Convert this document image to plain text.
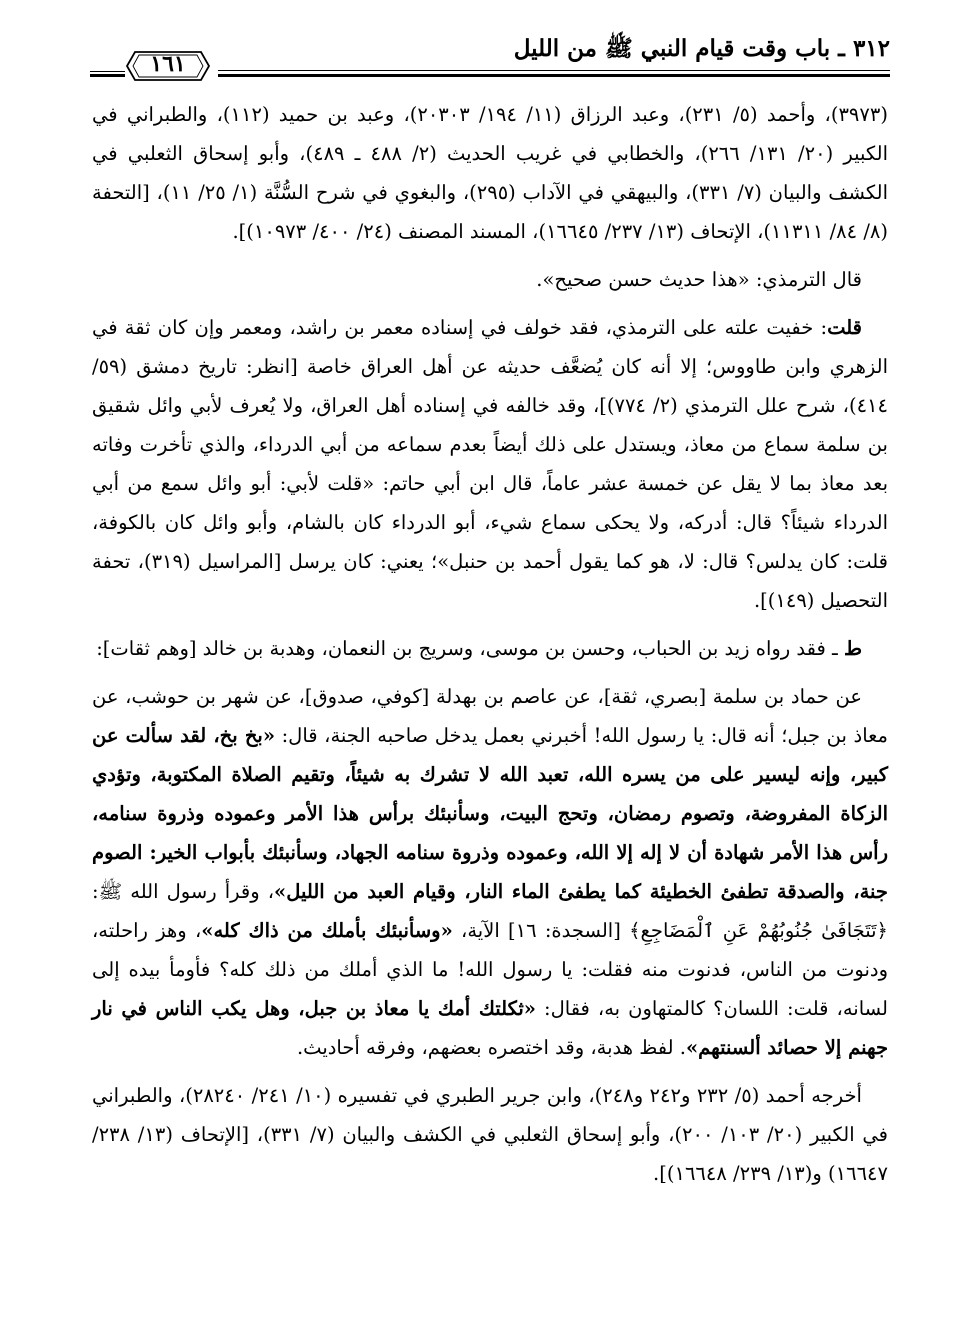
٣١٢ ـ باب وقت قيام النبي ﷺ من الليل
١٦١

(٣٩٧٣)، وأحمد (٥/ ٢٣١)، وعبد الرزاق (١١/ ١٩٤/ ٢٠٣٠٣)، وعبد بن حميد (١١٢)، والطبراني في الكبير (٢٠/ ١٣١/ ٢٦٦)، والخطابي في غريب الحديث (٢/ ٤٨٨ ـ ٤٨٩)، وأبو إسحاق الثعلبي في الكشف والبيان (٧/ ٣٣١)، والبيهقي في الآداب (٢٩٥)، والبغوي في شرح السُّنَّة (١/ ٢٥/ ١١)، [التحفة (٨/ ٨٤/ ١١٣١١)، الإتحاف (١٣/ ٢٣٧/ ١٦٦٤٥)، المسند المصنف (٢٤/ ٤٠٠/ ١٠٩٧٣)].

قال الترمذي: «هذا حديث حسن صحيح».

قلت: خفيت علته على الترمذي، فقد خولف في إسناده معمر بن راشد، ومعمر وإن كان ثقة في الزهري وابن طاووس؛ إلا أنه كان يُضعَّف حديثه عن أهل العراق خاصة [انظر: تاريخ دمشق (٥٩/ ٤١٤)، شرح علل الترمذي (٢/ ٧٧٤)]، وقد خالفه في إسناده أهل العراق، ولا يُعرف لأبي وائل شقيق بن سلمة سماع من معاذ، ويستدل على ذلك أيضاً بعدم سماعه من أبي الدرداء، والذي تأخرت وفاته بعد معاذ بما لا يقل عن خمسة عشر عاماً، قال ابن أبي حاتم: «قلت لأبي: أبو وائل سمع من أبي الدرداء شيئاً؟ قال: أدركه، ولا يحكى سماع شيء، أبو الدرداء كان بالشام، وأبو وائل كان بالكوفة، قلت: كان يدلس؟ قال: لا، هو كما يقول أحمد بن حنبل»؛ يعني: كان يرسل [المراسيل (٣١٩)، تحفة التحصيل (١٤٩)].

ط ـ فقد رواه زيد بن الحباب، وحسن بن موسى، وسريج بن النعمان، وهدبة بن خالد [وهم ثقات]:

عن حماد بن سلمة [بصري، ثقة]، عن عاصم بن بهدلة [كوفي، صدوق]، عن شهر بن حوشب، عن معاذ بن جبل؛ أنه قال: يا رسول الله! أخبرني بعمل يدخل صاحبه الجنة، قال: «بخ بخ، لقد سألت عن كبير، وإنه ليسير على من يسره الله، تعبد الله لا تشرك به شيئاً، وتقيم الصلاة المكتوبة، وتؤدي الزكاة المفروضة، وتصوم رمضان، وتحج البيت، وسأنبئك برأس هذا الأمر وعموده وذروة سنامه، رأس هذا الأمر شهادة أن لا إله إلا الله، وعموده وذروة سنامه الجهاد، وسأنبئك بأبواب الخير: الصوم جنة، والصدقة تطفئ الخطيئة كما يطفئ الماء النار، وقيام العبد من الليل»، وقرأ رسول الله ﷺ: ﴿تَتَجَافَىٰ جُنُوبُهُمْ عَنِ ٱلْمَضَاجِعِ﴾ [السجدة: ١٦] الآية، «وسأنبئك بأملك من ذاك كله»، وهز راحلته، ودنوت من الناس، فدنوت منه فقلت: يا رسول الله! ما الذي أملك من ذلك كله؟ فأومأ بيده إلى لسانه، قلت: اللسان؟ كالمتهاون به، فقال: «ثكلتك أمك يا معاذ بن جبل، وهل يكب الناس في نار جهنم إلا حصائد ألسنتهم». لفظ هدبة، وقد اختصره بعضهم، وفرقه أحاديث.

أخرجه أحمد (٥/ ٢٣٢ و٢٤٢ و٢٤٨)، وابن جرير الطبري في تفسيره (١٠/ ٢٤١/ ٢٨٢٤٠)، والطبراني في الكبير (٢٠/ ١٠٣/ ٢٠٠)، وأبو إسحاق الثعلبي في الكشف والبيان (٧/ ٣٣١)، [الإتحاف (١٣/ ٢٣٨/ ١٦٦٤٧) و(١٣/ ٢٣٩/ ١٦٦٤٨)].
